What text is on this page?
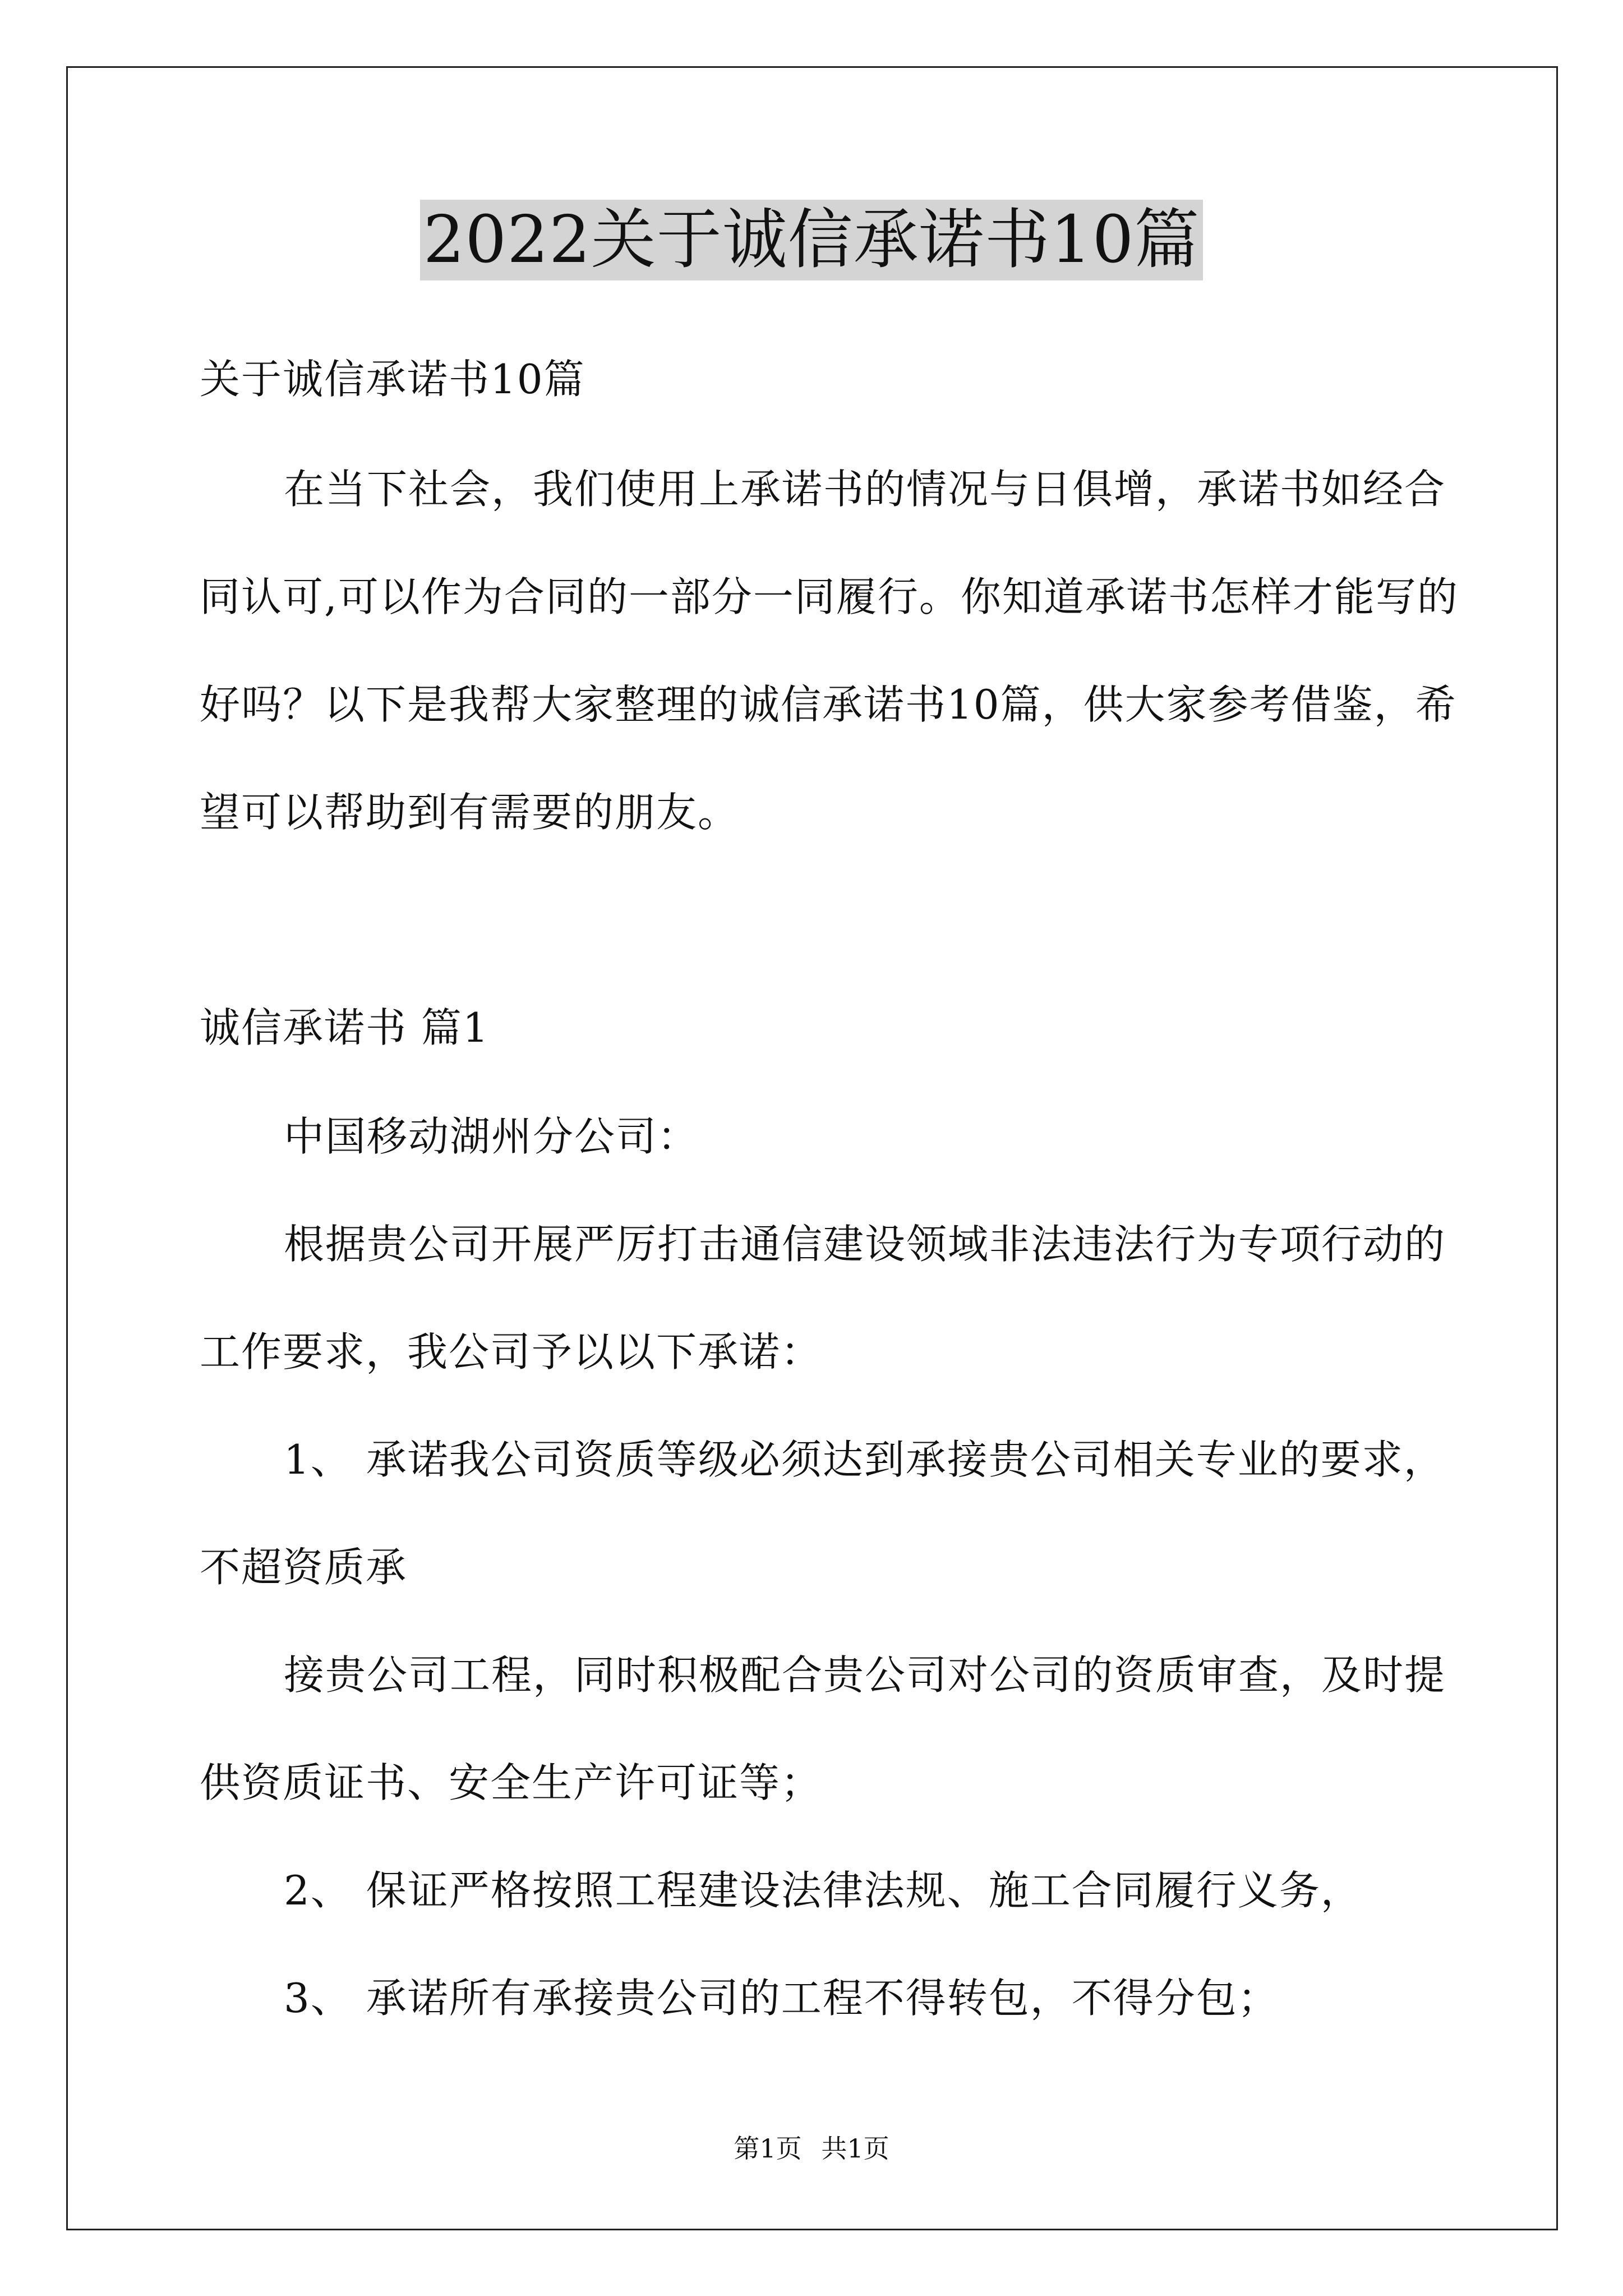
2022关于诚信承诺书10篇
关于诚信承诺书10篇
在当下社会，我们使用上承诺书的情况与日俱增，承诺书如经合
同认可,可以作为合同的一部分一同履行。你知道承诺书怎样才能写的
好吗？以下是我帮大家整理的诚信承诺书10篇，供大家参考借鉴，希
望可以帮助到有需要的朋友。
诚信承诺书 篇1
中国移动湖州分公司：
根据贵公司开展严厉打击通信建设领域非法违法行为专项行动的
工作要求，我公司予以以下承诺：
1、 承诺我公司资质等级必须达到承接贵公司相关专业的要求，
不超资质承
接贵公司工程，同时积极配合贵公司对公司的资质审查，及时提
供资质证书、安全生产许可证等；
2、 保证严格按照工程建设法律法规、施工合同履行义务，
3、 承诺所有承接贵公司的工程不得转包，不得分包；
第1页 共1页
